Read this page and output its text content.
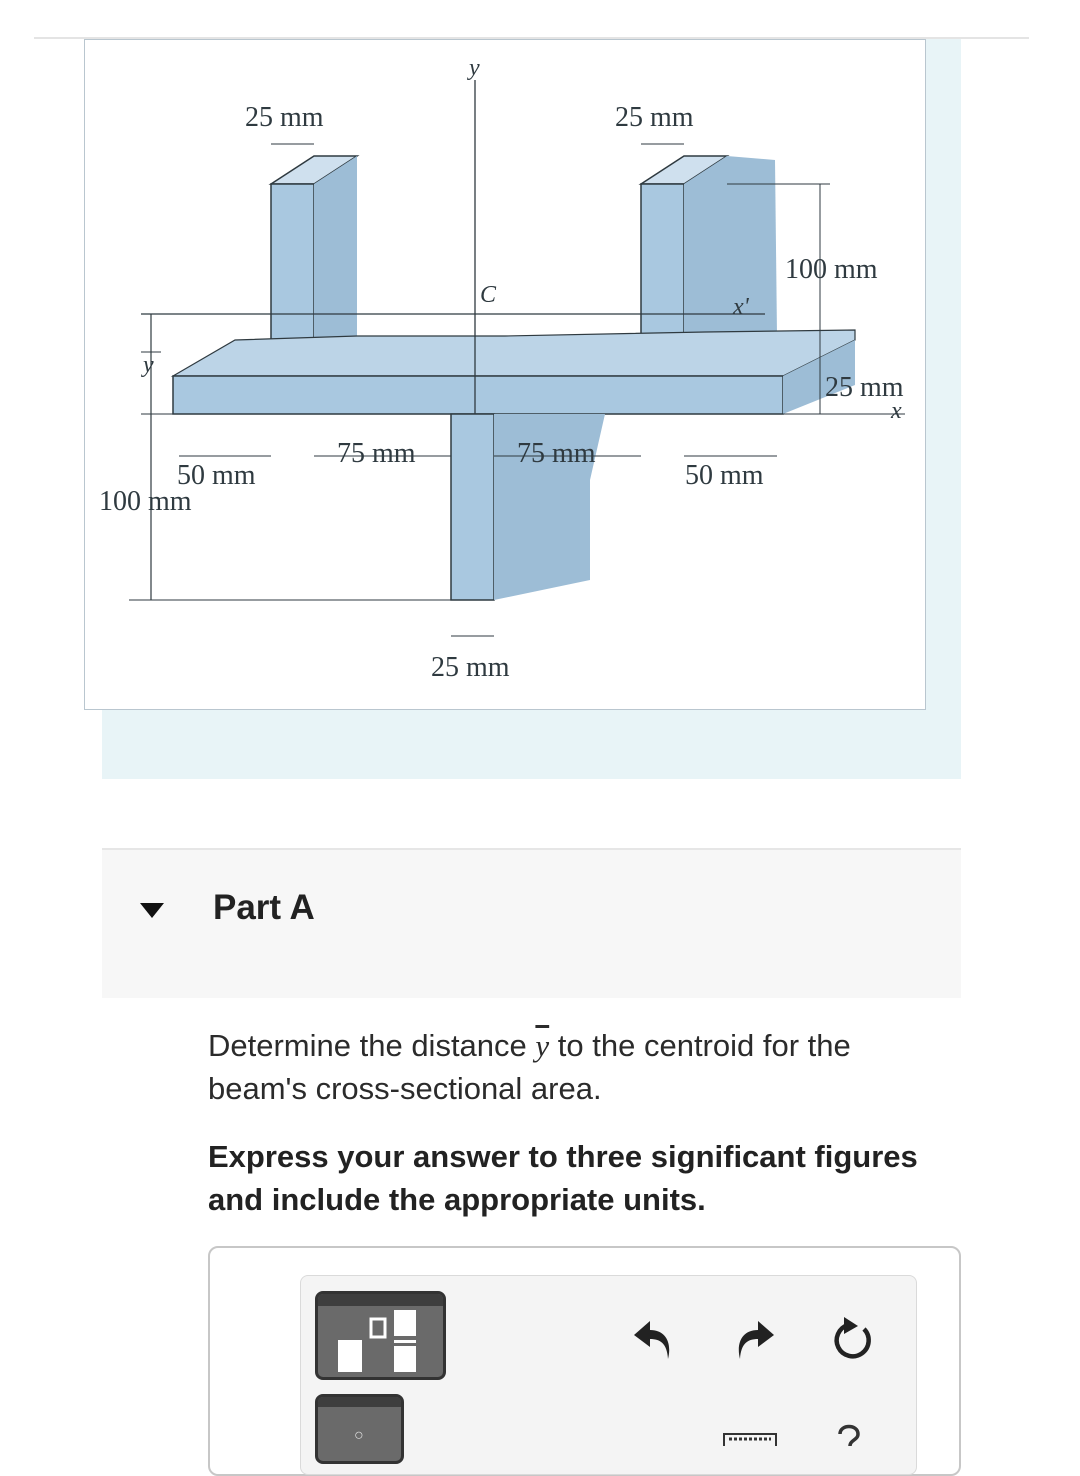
y
C	x'
x
y
100 mm
25 mm	25 mm
100 mm
25 mm
50 mm
75 mm	75 mm
50 mm
25 mm
Part A
Determine the distance $\overline{y}$ to the centroid for the beam's cross-sectional area.
Express your answer to three significant figures and include the appropriate units.
○
